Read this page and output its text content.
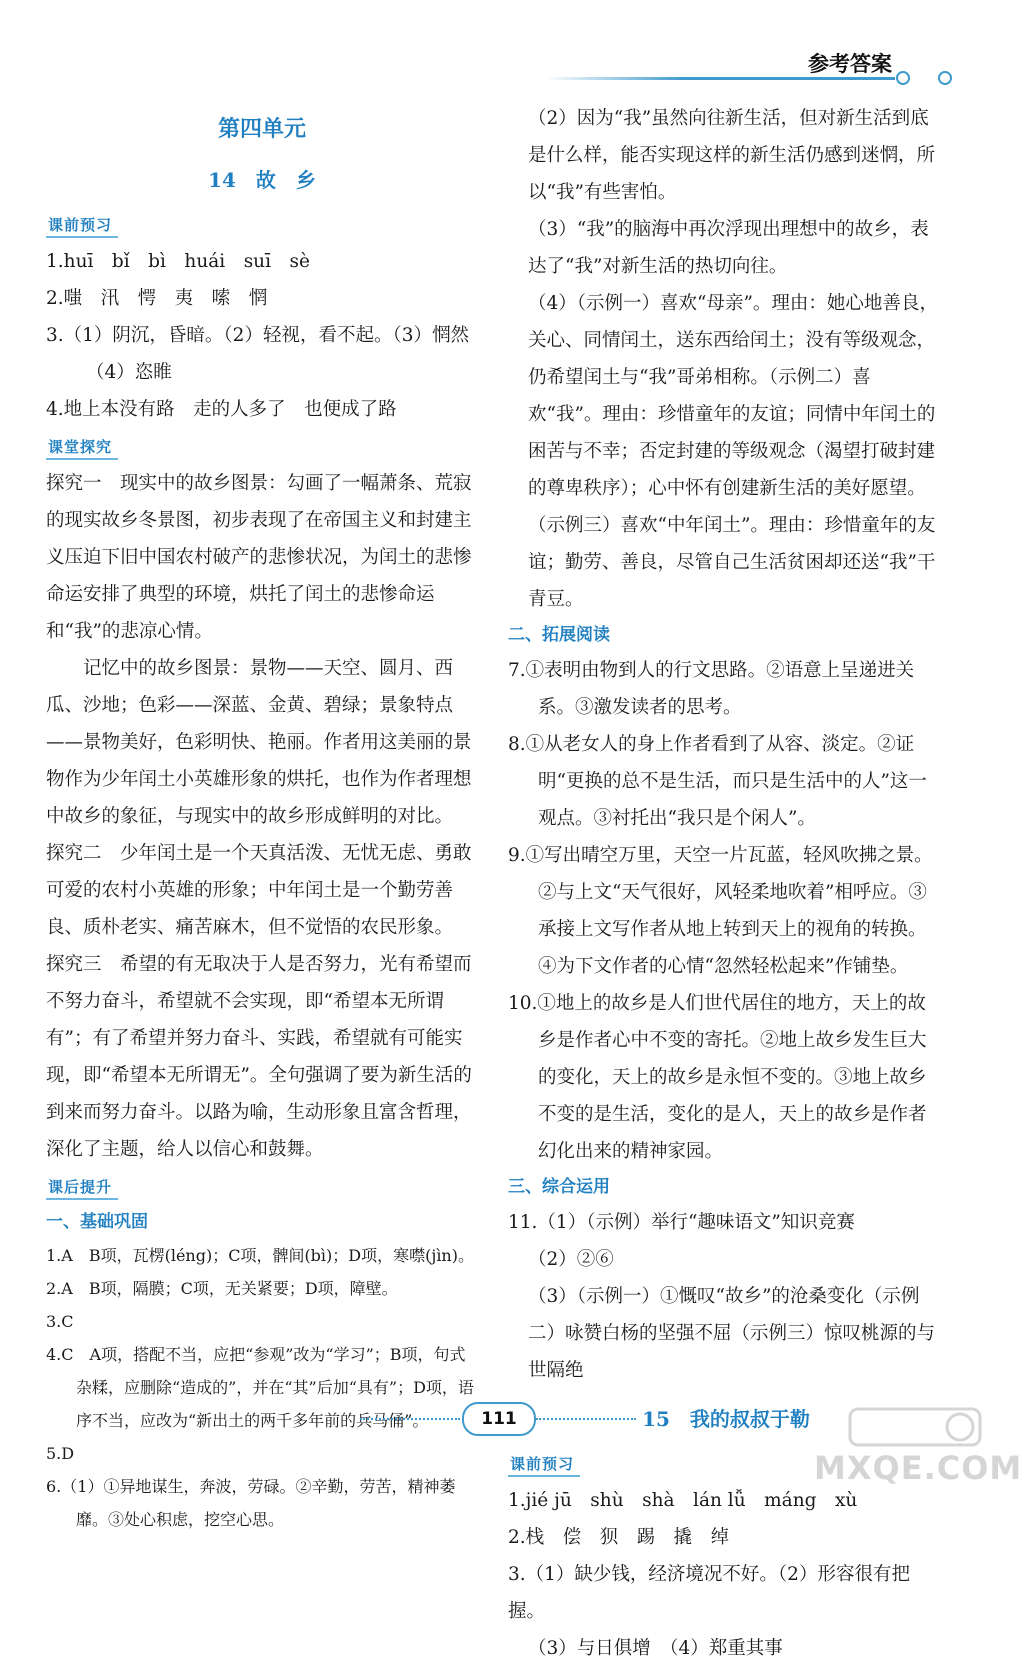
参考答案
第四单元
14　故　乡
课前预习

1.huī　bǐ　bì　huái　suī　sè

2.嗤　汛　愕　夷　嗦　惘

3.（1）阴沉，昏暗。（2）轻视，看不起。（3）惘然

（4）恣睢

4.地上本没有路　走的人多了　也便成了路

课堂探究

探究一　现实中的故乡图景：勾画了一幅萧条、荒寂的现实故乡冬景图，初步表现了在帝国主义和封建主义压迫下旧中国农村破产的悲惨状况，为闰土的悲惨命运安排了典型的环境，烘托了闰土的悲惨命运和“我”的悲凉心情。

记忆中的故乡图景：景物——天空、圆月、西瓜、沙地；色彩——深蓝、金黄、碧绿；景象特点——景物美好，色彩明快、艳丽。作者用这美丽的景物作为少年闰土小英雄形象的烘托，也作为作者理想中故乡的象征，与现实中的故乡形成鲜明的对比。

探究二　少年闰土是一个天真活泼、无忧无虑、勇敢可爱的农村小英雄的形象；中年闰土是一个勤劳善良、质朴老实、痛苦麻木，但不觉悟的农民形象。

探究三　希望的有无取决于人是否努力，光有希望而不努力奋斗，希望就不会实现，即“希望本无所谓有”；有了希望并努力奋斗、实践，希望就有可能实现，即“希望本无所谓无”。全句强调了要为新生活的到来而努力奋斗。以路为喻，生动形象且富含哲理，深化了主题，给人以信心和鼓舞。

课后提升
一、基础巩固

1.A　B项，瓦楞(léng)；C项，髀间(bì)；D项，寒噤(jìn)。

2.A　B项，隔膜；C项，无关紧要；D项，障壁。

3.C

4.C　A项，搭配不当，应把“参观”改为“学习”；B项，句式杂糅，应删除“造成的”，并在“其”后加“具有”；D项，语序不当，应改为“新出土的两千多年前的兵马俑”。

5.D

6.（1）①异地谋生，奔波，劳碌。②辛勤，劳苦，精神萎靡。③处心积虑，挖空心思。

（2）因为“我”虽然向往新生活，但对新生活到底是什么样，能否实现这样的新生活仍感到迷惘，所以“我”有些害怕。

（3）“我”的脑海中再次浮现出理想中的故乡，表达了“我”对新生活的热切向往。

（4）（示例一）喜欢“母亲”。理由：她心地善良，关心、同情闰土，送东西给闰土；没有等级观念，仍希望闰土与“我”哥弟相称。（示例二）喜欢“我”。理由：珍惜童年的友谊；同情中年闰土的困苦与不幸；否定封建的等级观念（渴望打破封建的尊卑秩序）；心中怀有创建新生活的美好愿望。（示例三）喜欢“中年闰土”。理由：珍惜童年的友谊；勤劳、善良，尽管自己生活贫困却还送“我”干青豆。

二、拓展阅读

7.①表明由物到人的行文思路。②语意上呈递进关系。③激发读者的思考。

8.①从老女人的身上作者看到了从容、淡定。②证明“更换的总不是生活，而只是生活中的人”这一观点。③衬托出“我只是个闲人”。

9.①写出晴空万里，天空一片瓦蓝，轻风吹拂之景。②与上文“天气很好，风轻柔地吹着”相呼应。③承接上文写作者从地上转到天上的视角的转换。④为下文作者的心情“忽然轻松起来”作铺垫。

10.①地上的故乡是人们世代居住的地方，天上的故乡是作者心中不变的寄托。②地上故乡发生巨大的变化，天上的故乡是永恒不变的。③地上故乡不变的是生活，变化的是人，天上的故乡是作者幻化出来的精神家园。

三、综合运用

11.（1）（示例）举行“趣味语文”知识竞赛

（2）②⑥

（3）（示例一）①慨叹“故乡”的沧桑变化（示例二）咏赞白杨的坚强不屈（示例三）惊叹桃源的与世隔绝

15　我的叔叔于勒
课前预习

1.jié jū　shù　shà　lán lǚ　máng　xù

2.栈　偿　狈　踢　撬　绰

3.（1）缺少钱，经济境况不好。（2）形容很有把握。

（3）与日俱增　（4）郑重其事

111
MXQE.COM
